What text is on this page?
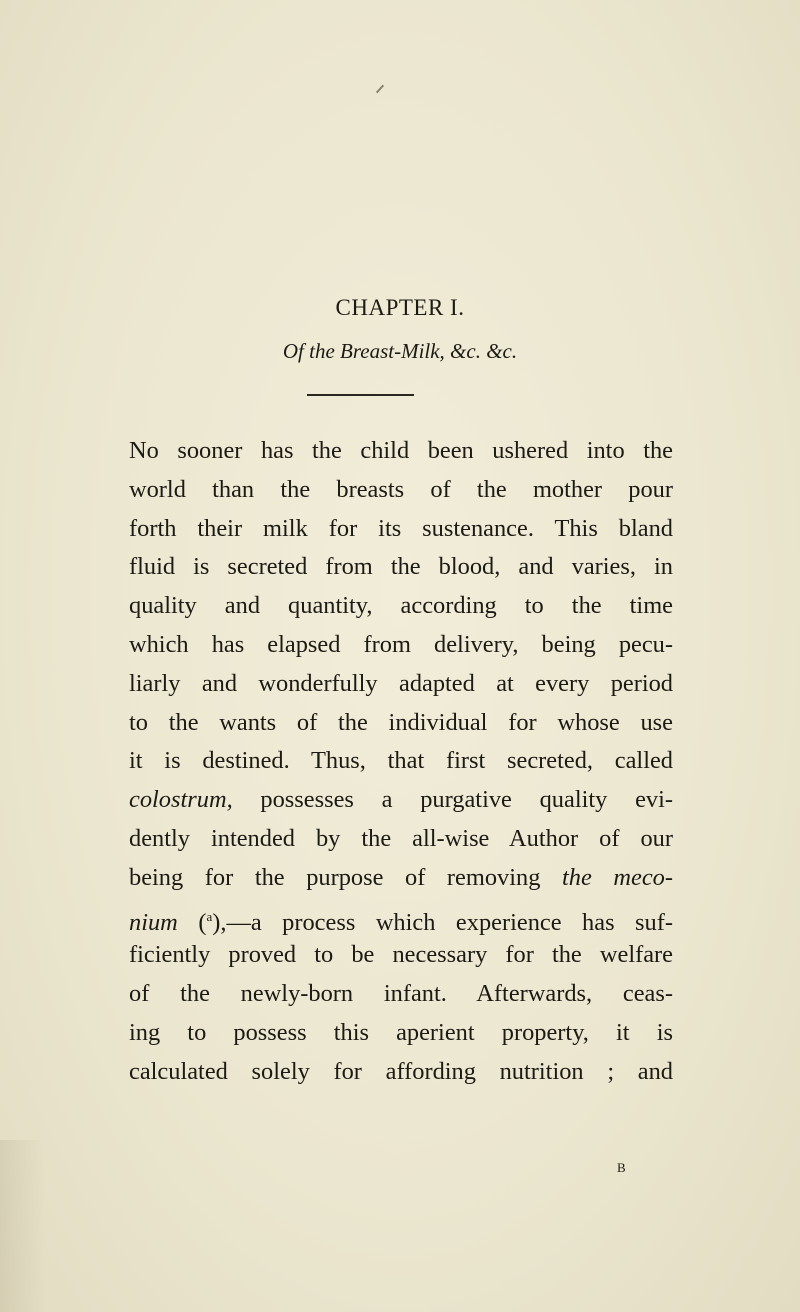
CHAPTER I.
Of the Breast-Milk, &c. &c.
No sooner has the child been ushered into the
world than the breasts of the mother pour
forth their milk for its sustenance. This bland
fluid is secreted from the blood, and varies, in
quality and quantity, according to the time
which has elapsed from delivery, being pecu-
liarly and wonderfully adapted at every period
to the wants of the individual for whose use
it is destined. Thus, that first secreted, called
colostrum, possesses a purgative quality evi-
dently intended by the all-wise Author of our
being for the purpose of removing the meco-
nium ($^a$),—a process which experience has suf-
ficiently proved to be necessary for the welfare
of the newly-born infant. Afterwards, ceas-
ing to possess this aperient property, it is
calculated solely for affording nutrition ; and
B
